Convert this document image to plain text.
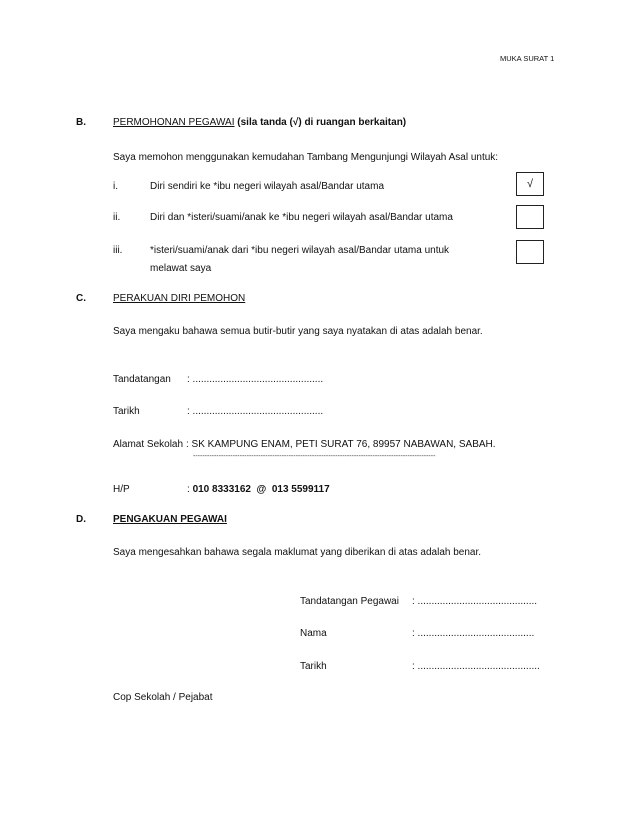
MUKA SURAT 1
B.	PERMOHONAN PEGAWAI (sila tanda (√) di ruangan berkaitan)
Saya memohon menggunakan kemudahan Tambang Mengunjungi Wilayah Asal untuk:
i.	Diri sendiri ke *ibu negeri wilayah asal/Bandar utama	√
ii.	Diri dan *isteri/suami/anak ke *ibu negeri wilayah asal/Bandar utama
iii.	*isteri/suami/anak dari *ibu negeri wilayah asal/Bandar utama untuk
melawat saya
C.	PERAKUAN DIRI PEMOHON
Saya mengaku bahawa semua butir-butir yang saya nyatakan di atas adalah benar.
Tandatangan : ...............................................
Tarikh	: ...............................................
Alamat Sekolah : SK KAMPUNG ENAM, PETI SURAT 76, 89957 NABAWAN, SABAH.
--------------------------------------------------------------------------------------------------------
H/P	: 010 8333162  @  013 5599117
D.	PENGAKUAN PEGAWAI
Saya mengesahkan bahawa segala maklumat yang diberikan di atas adalah benar.
Tandatangan Pegawai : ...........................................
Nama	: ..........................................
Tarikh	: ............................................
Cop Sekolah / Pejabat
